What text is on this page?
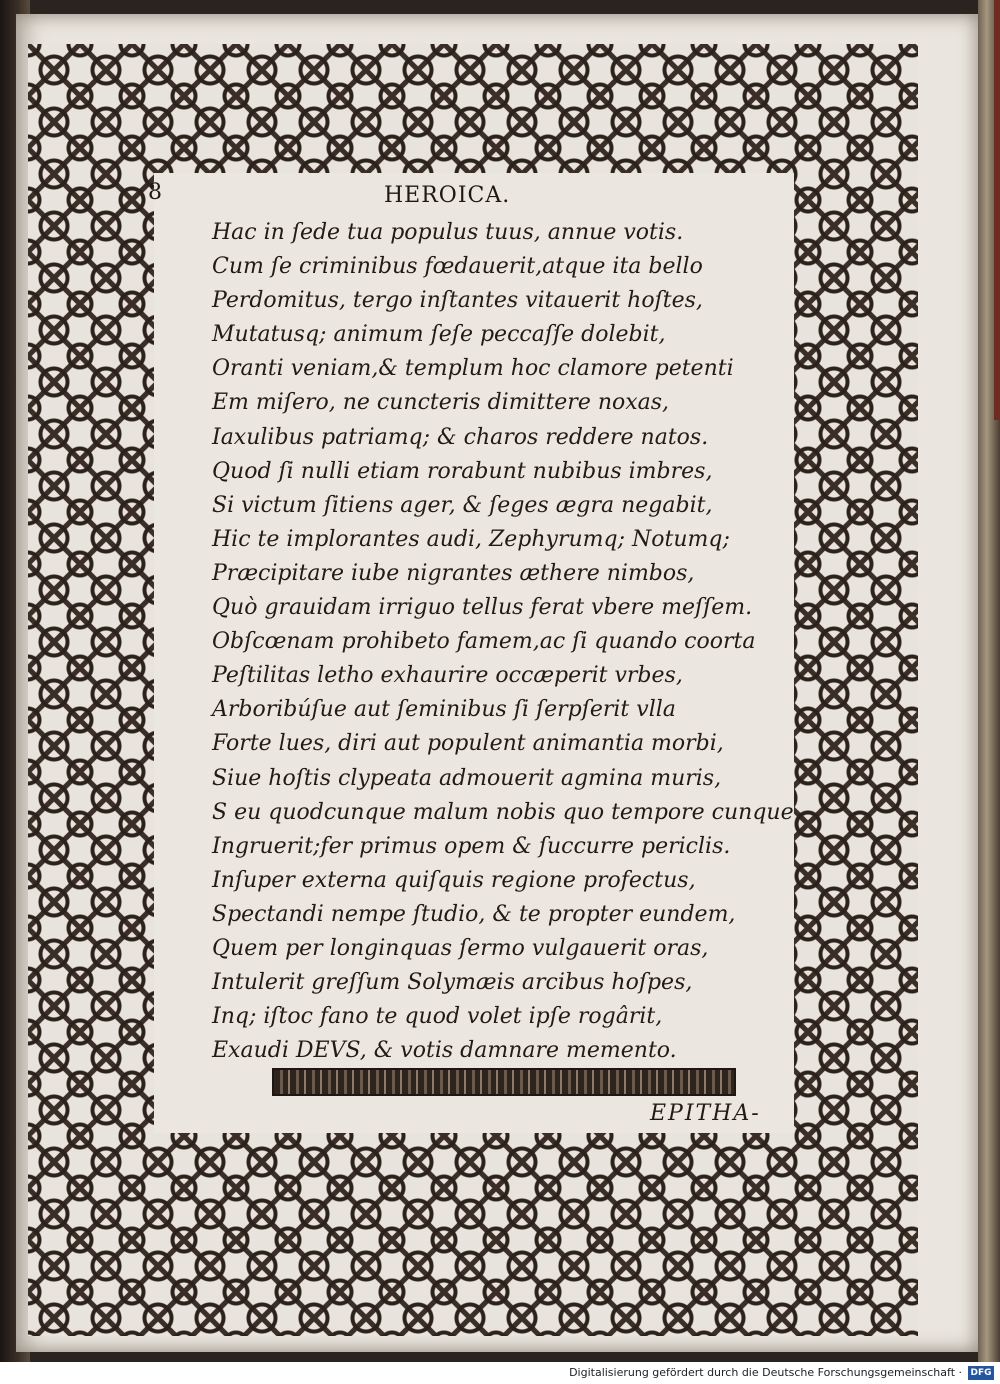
8	HEROICA.
Hac in ſede tua populus tuus, annue votis.
Cum ſe criminibus fœdauerit,atque ita bello
Perdomitus, tergo inſtantes vitauerit hoſtes,
Mutatusq; animum ſeſe peccaſſe dolebit,
Oranti veniam,& templum hoc clamore petenti
Em miſero, ne cuncteris dimittere noxas,
Iaxulibus patriamq; & charos reddere natos.
Quod ſi nulli etiam rorabunt nubibus imbres,
Si victum ſitiens ager, & ſeges ægra negabit,
Hic te implorantes audi, Zephyrumq; Notumq;
Præcipitare iube nigrantes æthere nimbos,
Quò grauidam irriguo tellus ferat vbere meſſem.
Obſcœnam prohibeto famem,ac ſi quando coorta
Peſtilitas letho exhaurire occæperit vrbes,
Arboribúſue aut ſeminibus ſi ſerpſerit vlla
Forte lues, diri aut populent animantia morbi,
Siue hoſtis clypeata admouerit agmina muris,
S eu quodcunque malum nobis quo tempore cunque
Ingruerit;fer primus opem & ſuccurre periclis.
Inſuper externa quiſquis regione profectus,
Spectandi nempe ſtudio, & te propter eundem,
Quem per longinquas ſermo vulgauerit oras,
Intulerit greſſum Solymæis arcibus hoſpes,
Inq; iſtoc fano te quod volet ipſe rogârit,
Exaudi DEVS, & votis damnare memento.
EPITHA-
Digitalisierung gefördert durch die Deutsche Forschungsgemeinschaft · DFG
